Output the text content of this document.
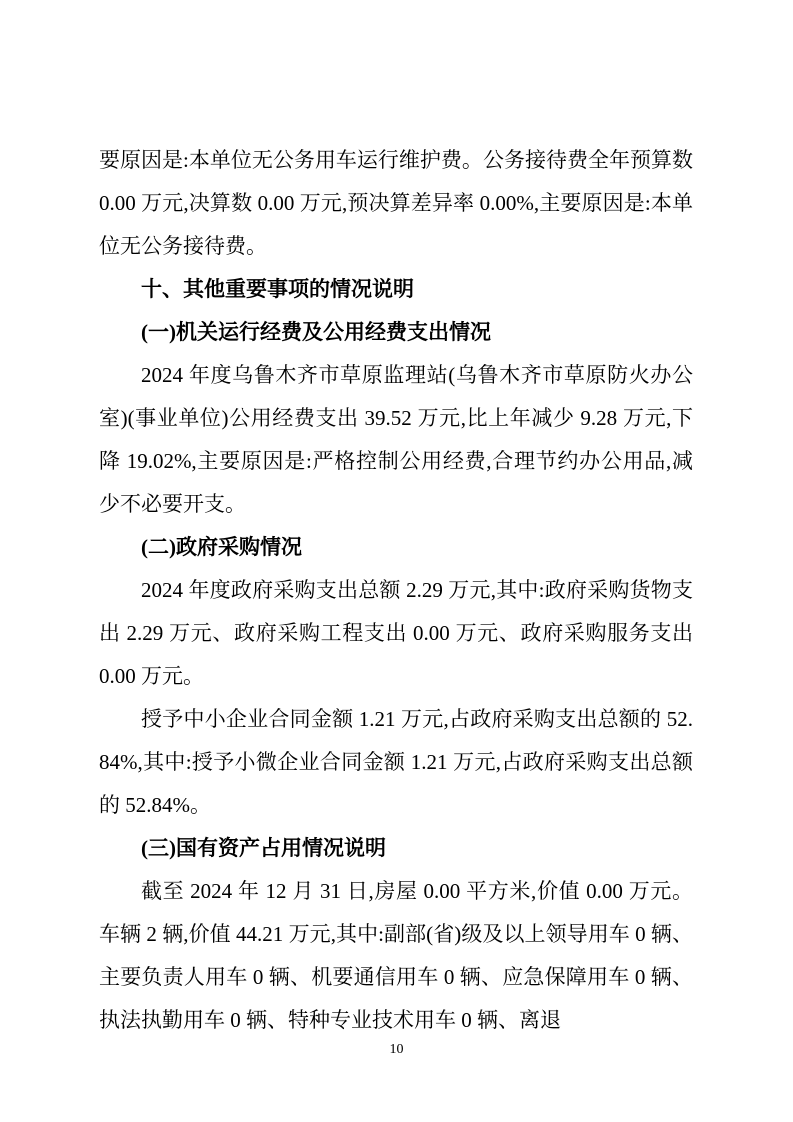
要原因是:本单位无公务用车运行维护费。公务接待费全年预算数 0.00 万元,决算数 0.00 万元,预决算差异率 0.00%,主要原因是:本单位无公务接待费。

十、其他重要事项的情况说明

(一)机关运行经费及公用经费支出情况

2024 年度乌鲁木齐市草原监理站(乌鲁木齐市草原防火办公室)(事业单位)公用经费支出 39.52 万元,比上年减少 9.28 万元,下降 19.02%,主要原因是:严格控制公用经费,合理节约办公用品,减少不必要开支。

(二)政府采购情况

2024 年度政府采购支出总额 2.29 万元,其中:政府采购货物支出 2.29 万元、政府采购工程支出 0.00 万元、政府采购服务支出 0.00 万元。

授予中小企业合同金额 1.21 万元,占政府采购支出总额的 52.84%,其中:授予小微企业合同金额 1.21 万元,占政府采购支出总额的 52.84%。

(三)国有资产占用情况说明

截至 2024 年 12 月 31 日,房屋 0.00 平方米,价值 0.00 万元。车辆 2 辆,价值 44.21 万元,其中:副部(省)级及以上领导用车 0 辆、主要负责人用车 0 辆、机要通信用车 0 辆、应急保障用车 0 辆、执法执勤用车 0 辆、特种专业技术用车 0 辆、离退

10
